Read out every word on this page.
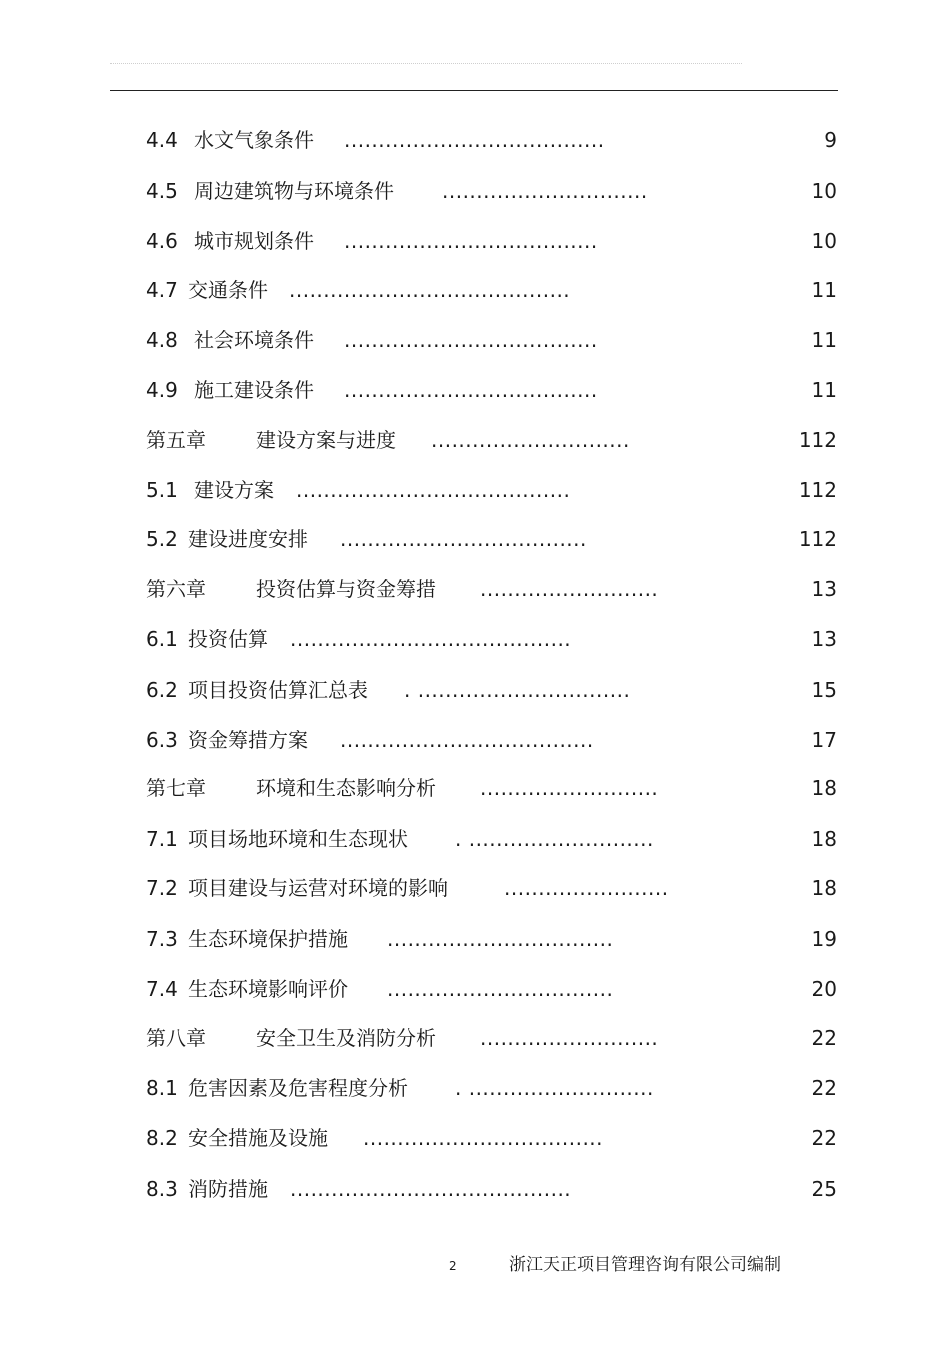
4.4 水文气象条件 ......................................	9
4.5 周边建筑物与环境条件 ..............................	10
4.6 城市规划条件 .....................................	10
4.7 交通条件 .........................................	11
4.8 社会环境条件 .....................................	11
4.9 施工建设条件 .....................................	11
第五章	建设方案与进度 .............................	112
5.1 建设方案 ........................................	112
5.2 建设进度安排 ....................................	112
第六章	投资估算与资金筹措 ..........................	13
6.1 投资估算 .........................................	13
6.2 项目投资估算汇总表 . ...............................	15
6.3 资金筹措方案 .....................................	17
第七章	环境和生态影响分析 ..........................	18
7.1 项目场地环境和生态现状 . ...........................	18
7.2 项目建设与运营对环境的影响	........................	18
7.3 生态环境保护措施 .................................	19
7.4 生态环境影响评价 .................................	20
第八章	安全卫生及消防分析 ..........................	22
8.1 危害因素及危害程度分析 . ...........................	22
8.2 安全措施及设施 ...................................	22
8.3 消防措施 .........................................	25
2	浙江天正项目管理咨询有限公司编制
